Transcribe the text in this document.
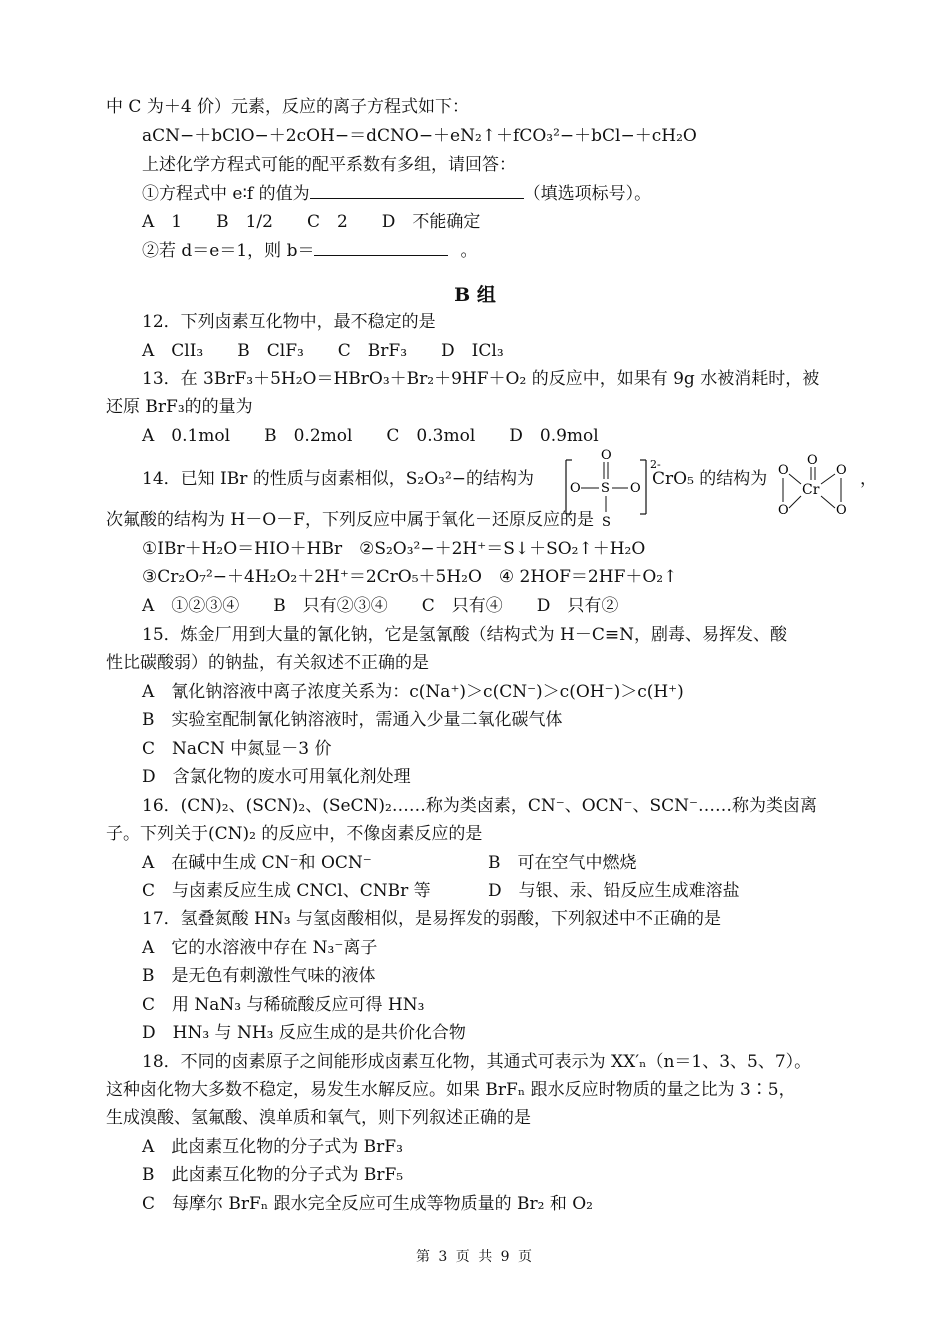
中 C 为＋4 价）元素，反应的离子方程式如下：
aCN−＋bClO−＋2cOH−＝dCNO−＋eN₂↑＋fCO₃²−＋bCl−＋cH₂O
上述化学方程式可能的配平系数有多组，请回答：
①方程式中 e∶f 的值为	（填选项标号）。
A　1　　B　1/2　　C　2　　D　不能确定
②若 d＝e＝1，则 b＝	。
B 组
12．下列卤素互化物中，最不稳定的是
A　ClI₃　　B　ClF₃　　C　BrF₃　　D　ICl₃
13．在 3BrF₃＋5H₂O＝HBrO₃＋Br₂＋9HF＋O₂ 的反应中，如果有 9g 水被消耗时，被
还原 BrF₃的的量为
A　0.1mol　　B　0.2mol　　C　0.3mol　　D　0.9mol
14．已知 IBr 的性质与卤素相似，S₂O₃²−的结构为
O
O S O
S
2-
CrO₅ 的结构为
O
Cr
O	O
O	O
，
次氟酸的结构为 H－O－F，下列反应中属于氧化－还原反应的是
①IBr＋H₂O＝HIO＋HBr　②S₂O₃²−＋2H⁺＝S↓＋SO₂↑＋H₂O
③Cr₂O₇²−＋4H₂O₂＋2H⁺＝2CrO₅＋5H₂O　④ 2HOF＝2HF＋O₂↑
A　①②③④　　B　只有②③④　　C　只有④　　D　只有②
15．炼金厂用到大量的氰化钠，它是氢氰酸（结构式为 H－C≡N，剧毒、易挥发、酸
性比碳酸弱）的钠盐，有关叙述不正确的是
A　氰化钠溶液中离子浓度关系为：c(Na⁺)＞c(CN⁻)＞c(OH⁻)＞c(H⁺)
B　实验室配制氰化钠溶液时，需通入少量二氧化碳气体
C　NaCN 中氮显－3 价
D　含氯化物的废水可用氧化剂处理
16．(CN)₂、(SCN)₂、(SeCN)₂……称为类卤素，CN⁻、OCN⁻、SCN⁻……称为类卤离
子。下列关于(CN)₂ 的反应中，不像卤素反应的是
A　在碱中生成 CN⁻和 OCN⁻	B　可在空气中燃烧
C　与卤素反应生成 CNCl、CNBr 等	D　与银、汞、铅反应生成难溶盐
17．氢叠氮酸 HN₃ 与氢卤酸相似，是易挥发的弱酸，下列叙述中不正确的是
A　它的水溶液中存在 N₃⁻离子
B　是无色有刺激性气味的液体
C　用 NaN₃ 与稀硫酸反应可得 HN₃
D　HN₃ 与 NH₃ 反应生成的是共价化合物
18．不同的卤素原子之间能形成卤素互化物，其通式可表示为 XX′ₙ（n＝1、3、5、7）。
这种卤化物大多数不稳定，易发生水解反应。如果 BrFₙ 跟水反应时物质的量之比为 3∶5，
生成溴酸、氢氟酸、溴单质和氧气，则下列叙述正确的是
A　此卤素互化物的分子式为 BrF₃
B　此卤素互化物的分子式为 BrF₅
C　每摩尔 BrFₙ 跟水完全反应可生成等物质量的 Br₂ 和 O₂
第 3 页 共 9 页
